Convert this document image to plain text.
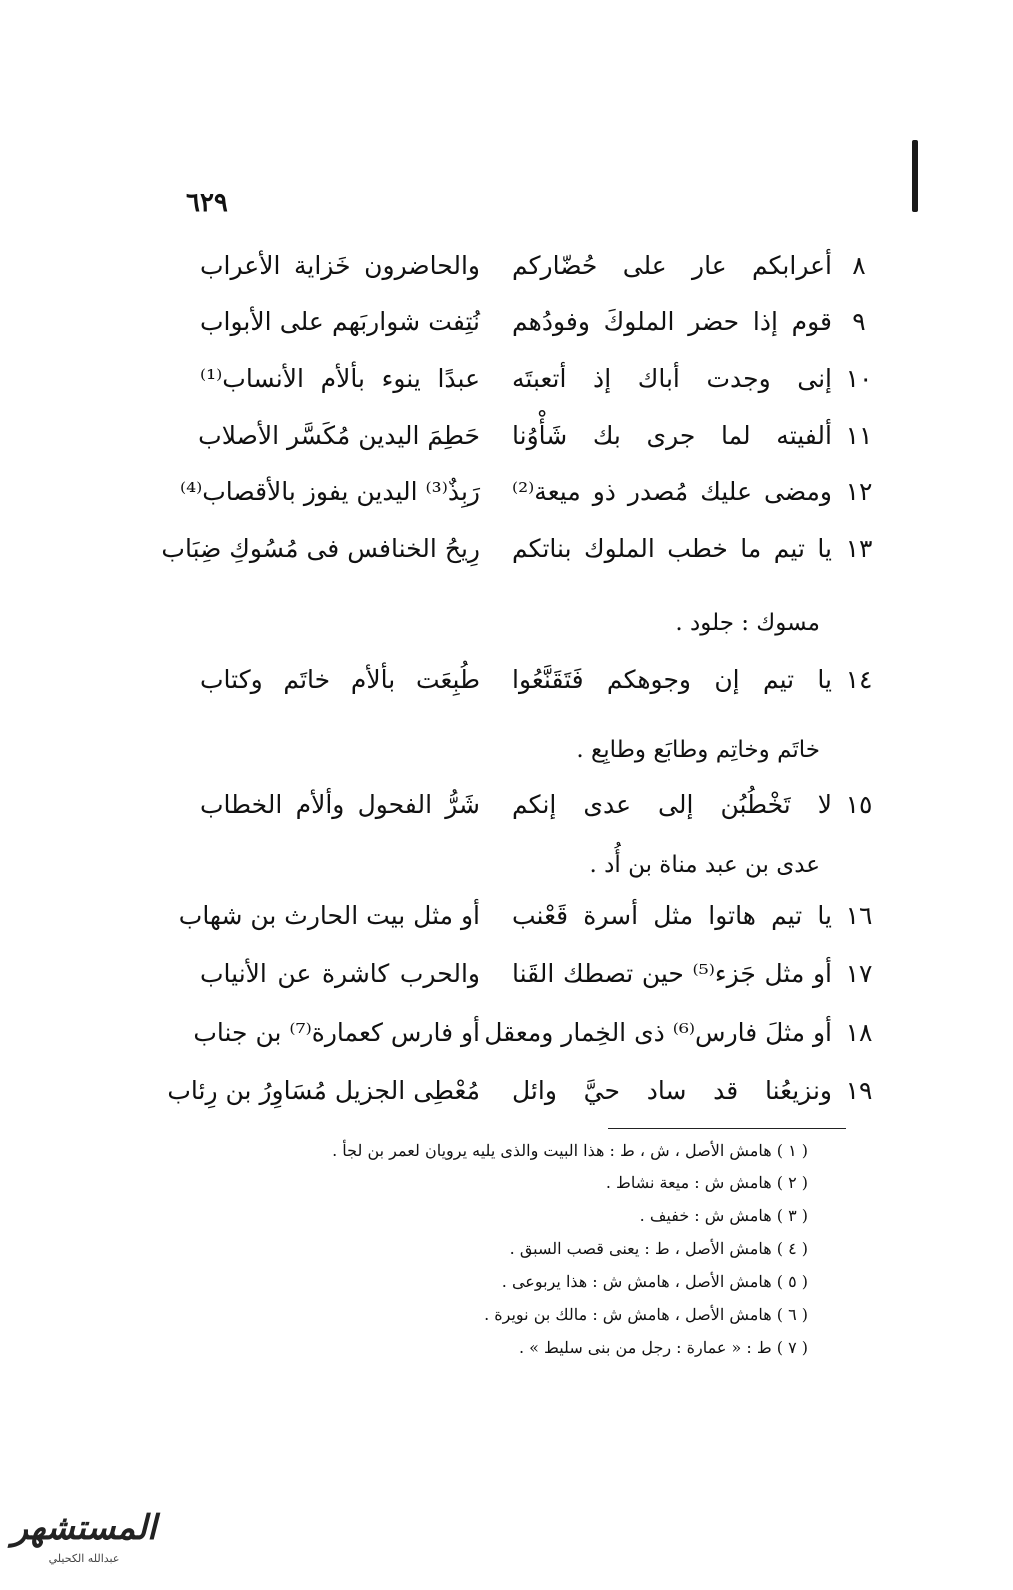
٦٢٩
٨
أعرابكم عار على حُضّاركم
والحاضرون خَزاية الأعراب
٩
قوم إذا حضر الملوكَ وفودُهم
نُتِفت شواربَهم على الأبواب
١٠
إنى وجدت أباك إذ أتعبتَه
عبدًا ينوء بألأم الأنساب⁽¹⁾
١١
ألفيته لما جرى بك شَأْوُنا
حَطِمَ اليدين مُكَسَّر الأصلاب
١٢
ومضى عليك مُصدر ذو ميعة⁽²⁾
رَبِذٌ⁽³⁾ اليدين يفوز بالأقصاب⁽⁴⁾
١٣
يا تيم ما خطب الملوك بناتكم
رِيحُ الخنافس فى مُسُوكِ ضِبَاب
مسوك : جلود .
١٤
يا تيم إن وجوهكم فَتَقَنَّعُوا
طُبِعَت بألأم خاتَم وكتاب
خاتَم وخاتِم وطابَع وطابِع .
١٥
لا تَخْطُبُن إلى عدى إنكم
شَرُّ الفحول وألأم الخطاب
عدى بن عبد مناة بن أُد .
١٦
يا تيم هاتوا مثل أسرة قَعْنب
أو مثل بيت الحارث بن شهاب
١٧
أو مثل جَزء⁽⁵⁾ حين تصطك القَنا
والحرب كاشرة عن الأنياب
١٨
أو مثلَ فارس⁽⁶⁾ ذى الخِمار ومعقل
أو فارس كعمارة⁽⁷⁾ بن جناب
١٩
ونزيعُنا قد ساد حيَّ وائل
مُعْطِى الجزيل مُسَاوِرُ بن رِئاب
( ١ ) هامش الأصل ، ش ، ط : هذا البيت والذى يليه يرويان لعمر بن لجأ .
( ٢ ) هامش ش : ميعة نشاط .
( ٣ ) هامش ش : خفيف .
( ٤ ) هامش الأصل ، ط : يعنى قصب السبق .
( ٥ ) هامش الأصل ، هامش ش : هذا يربوعى .
( ٦ ) هامش الأصل ، هامش ش : مالك بن نويرة .
( ٧ ) ط : « عمارة : رجل من بنى سليط » .
المستشهر
عبدالله الكحيلي
